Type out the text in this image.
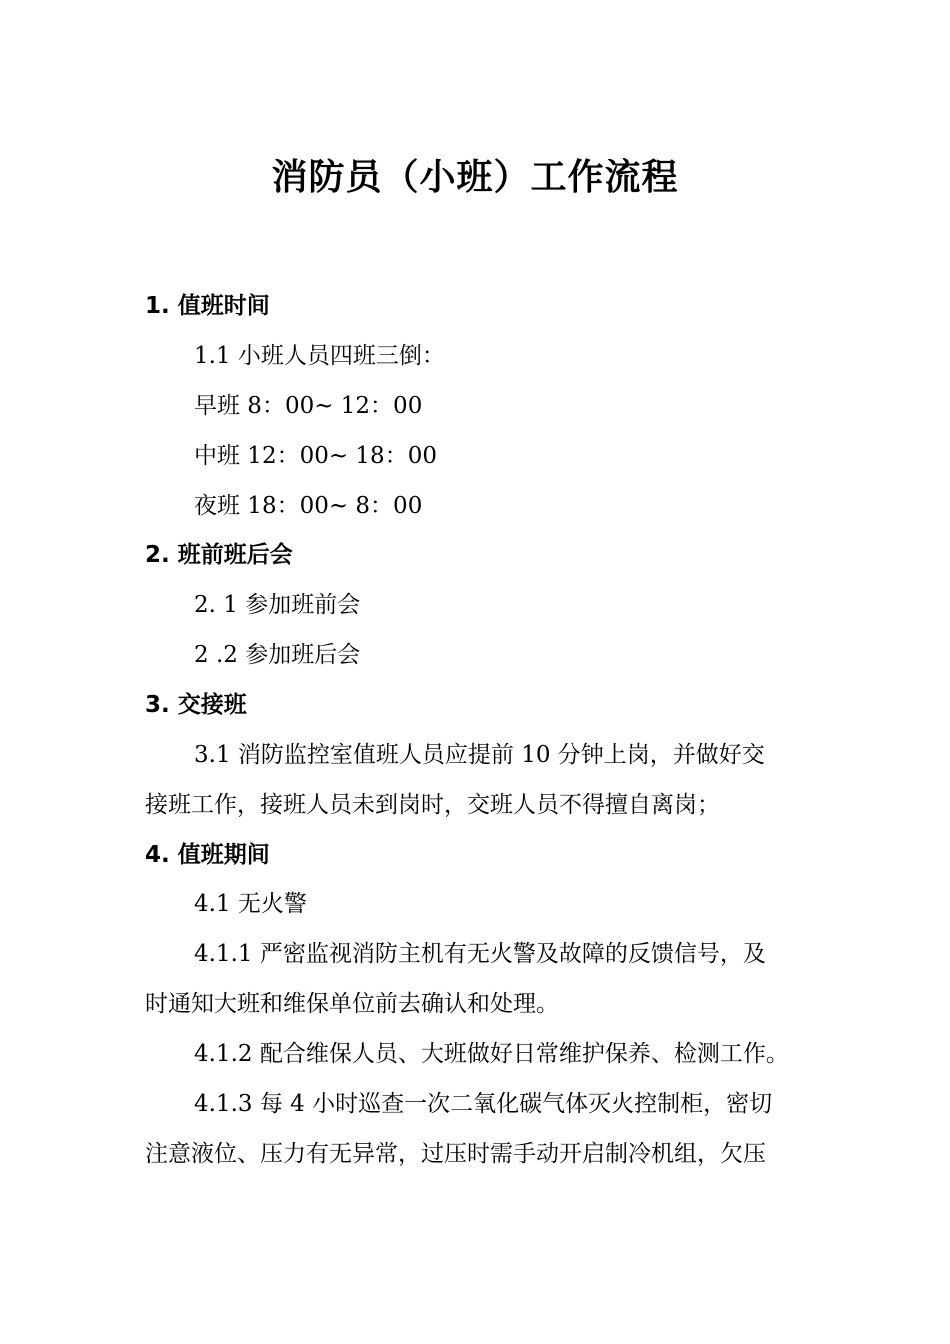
消防员（小班）工作流程
1. 值班时间
1.1 小班人员四班三倒：
早班 8：00~ 12：00
中班 12：00~ 18：00
夜班 18：00~ 8：00
2. 班前班后会
2. 1 参加班前会
2 .2 参加班后会
3. 交接班
3.1 消防监控室值班人员应提前 10 分钟上岗，并做好交
接班工作，接班人员未到岗时，交班人员不得擅自离岗；
4. 值班期间
4.1 无火警
4.1.1 严密监视消防主机有无火警及故障的反馈信号，及
时通知大班和维保单位前去确认和处理。
4.1.2 配合维保人员、大班做好日常维护保养、检测工作。
4.1.3 每 4 小时巡查一次二氧化碳气体灭火控制柜，密切
注意液位、压力有无异常，过压时需手动开启制冷机组，欠压
